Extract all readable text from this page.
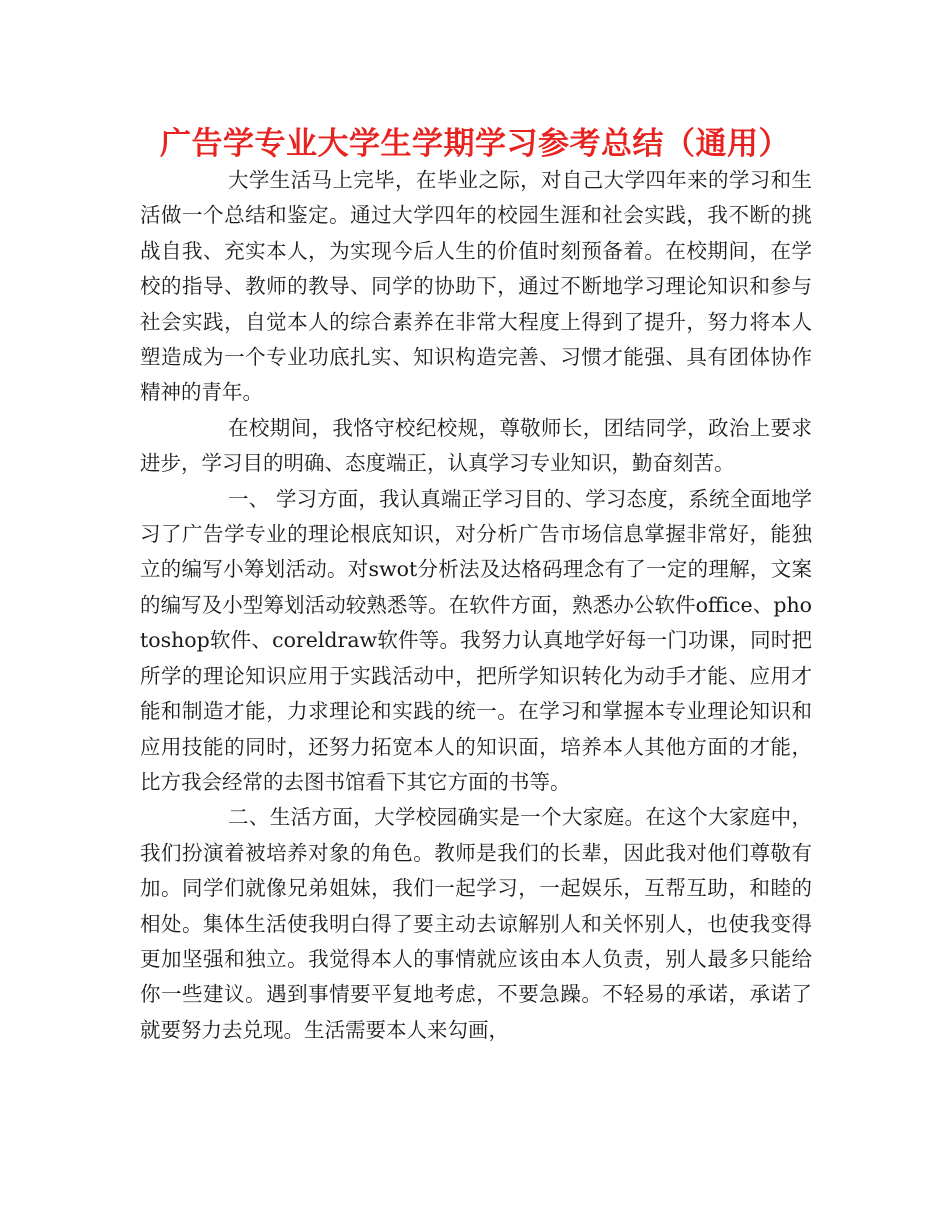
广告学专业大学生学期学习参考总结（通用）

大学生活马上完毕，在毕业之际，对自己大学四年来的学习和生活做一个总结和鉴定。通过大学四年的校园生涯和社会实践，我不断的挑战自我、充实本人，为实现今后人生的价值时刻预备着。在校期间，在学校的指导、教师的教导、同学的协助下，通过不断地学习理论知识和参与社会实践，自觉本人的综合素养在非常大程度上得到了提升，努力将本人塑造成为一个专业功底扎实、知识构造完善、习惯才能强、具有团体协作精神的青年。

在校期间，我恪守校纪校规，尊敬师长，团结同学，政治上要求进步，学习目的明确、态度端正，认真学习专业知识，勤奋刻苦。

一、 学习方面，我认真端正学习目的、学习态度，系统全面地学习了广告学专业的理论根底知识，对分析广告市场信息掌握非常好，能独立的编写小筹划活动。对swot分析法及达格码理念有了一定的理解，文案的编写及小型筹划活动较熟悉等。在软件方面，熟悉办公软件office、photoshop软件、coreldraw软件等。我努力认真地学好每一门功课，同时把所学的理论知识应用于实践活动中，把所学知识转化为动手才能、应用才能和制造才能，力求理论和实践的统一。在学习和掌握本专业理论知识和应用技能的同时，还努力拓宽本人的知识面，培养本人其他方面的才能，比方我会经常的去图书馆看下其它方面的书等。

二、生活方面，大学校园确实是一个大家庭。在这个大家庭中，我们扮演着被培养对象的角色。教师是我们的长辈，因此我对他们尊敬有加。同学们就像兄弟姐妹，我们一起学习，一起娱乐，互帮互助，和睦的相处。集体生活使我明白得了要主动去谅解别人和关怀别人，也使我变得更加坚强和独立。我觉得本人的事情就应该由本人负责，别人最多只能给你一些建议。遇到事情要平复地考虑，不要急躁。不轻易的承诺，承诺了就要努力去兑现。生活需要本人来勾画，
